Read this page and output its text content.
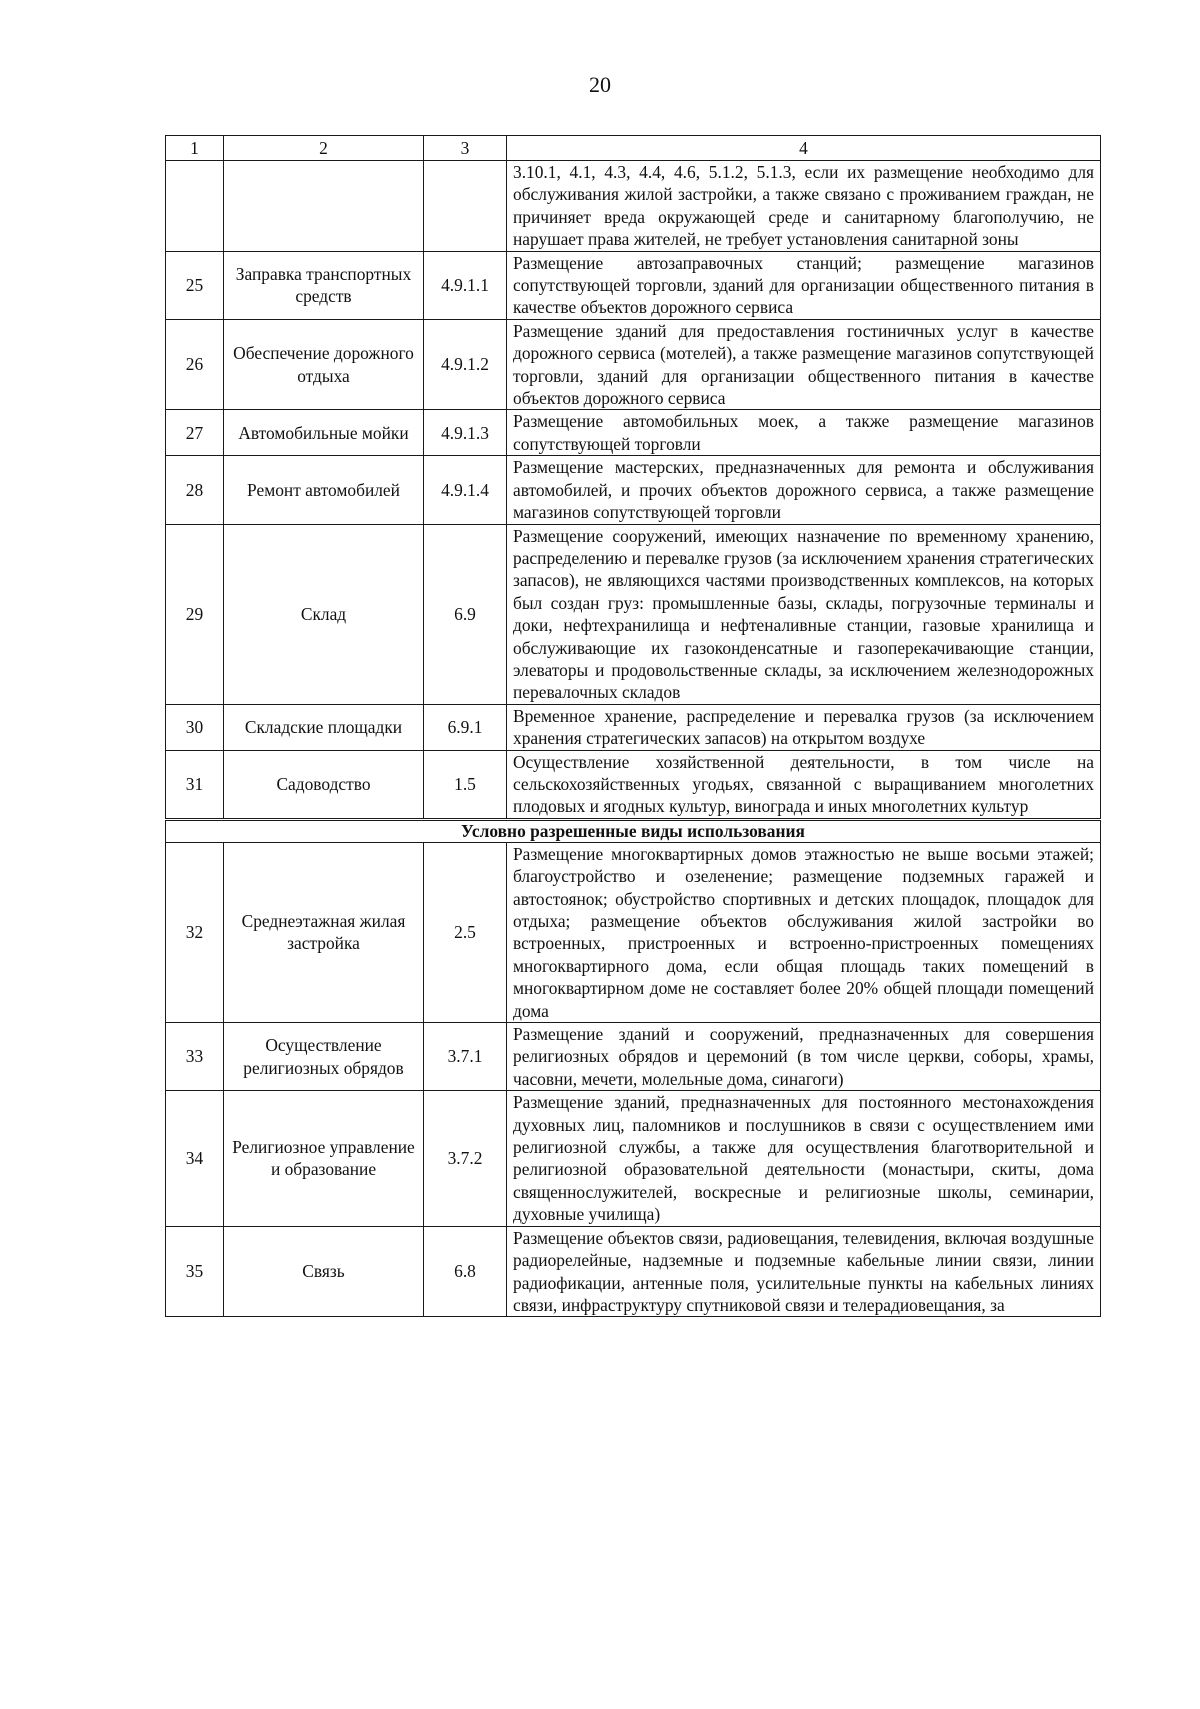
20
1	2	3	4
			3.10.1, 4.1, 4.3, 4.4, 4.6, 5.1.2, 5.1.3, если их размещение необходимо для обслуживания жилой застройки, а также связано с проживанием граждан, не причиняет вреда окружающей среде и санитарному благополучию, не нарушает права жителей, не требует установления санитарной зоны
25	Заправка транспортных средств	4.9.1.1	Размещение автозаправочных станций; размещение магазинов сопутствующей торговли, зданий для организации общественного питания в качестве объектов дорожного сервиса
26	Обеспечение дорожного отдыха	4.9.1.2	Размещение зданий для предоставления гостиничных услуг в качестве дорожного сервиса (мотелей), а также размещение магазинов сопутствующей торговли, зданий для организации общественного питания в качестве объектов дорожного сервиса
27	Автомобильные мойки	4.9.1.3	Размещение автомобильных моек, а также размещение магазинов сопутствующей торговли
28	Ремонт автомобилей	4.9.1.4	Размещение мастерских, предназначенных для ремонта и обслуживания автомобилей, и прочих объектов дорожного сервиса, а также размещение магазинов сопутствующей торговли
29	Склад	6.9	Размещение сооружений, имеющих назначение по временному хранению, распределению и перевалке грузов (за исключением хранения стратегических запасов), не являющихся частями производственных комплексов, на которых был создан груз: промышленные базы, склады, погрузочные терминалы и доки, нефтехранилища и нефтеналивные станции, газовые хранилища и обслуживающие их газоконденсатные и газоперекачивающие станции, элеваторы и продовольственные склады, за исключением железнодорожных перевалочных складов
30	Складские площадки	6.9.1	Временное хранение, распределение и перевалка грузов (за исключением хранения стратегических запасов) на открытом воздухе
31	Садоводство	1.5	Осуществление хозяйственной деятельности, в том числе на сельскохозяйственных угодьях, связанной с выращиванием многолетних плодовых и ягодных культур, винограда и иных многолетних культур
Условно разрешенные виды использования			
32	Среднеэтажная жилая застройка	2.5	Размещение многоквартирных домов этажностью не выше восьми этажей; благоустройство и озеленение; размещение подземных гаражей и автостоянок; обустройство спортивных и детских площадок, площадок для отдыха; размещение объектов обслуживания жилой застройки во встроенных, пристроенных и встроенно-пристроенных помещениях многоквартирного дома, если общая площадь таких помещений в многоквартирном доме не составляет более 20% общей площади помещений дома
33	Осуществление религиозных обрядов	3.7.1	Размещение зданий и сооружений, предназначенных для совершения религиозных обрядов и церемоний (в том числе церкви, соборы, храмы, часовни, мечети, молельные дома, синагоги)
34	Религиозное управление и образование	3.7.2	Размещение зданий, предназначенных для постоянного местонахождения духовных лиц, паломников и послушников в связи с осуществлением ими религиозной службы, а также для осуществления благотворительной и религиозной образовательной деятельности (монастыри, скиты, дома священнослужителей, воскресные и религиозные школы, семинарии, духовные училища)
35	Связь	6.8	Размещение объектов связи, радиовещания, телевидения, включая воздушные радиорелейные, надземные и подземные кабельные линии связи, линии радиофикации, антенные поля, усилительные пункты на кабельных линиях связи, инфраструктуру спутниковой связи и телерадиовещания, за
